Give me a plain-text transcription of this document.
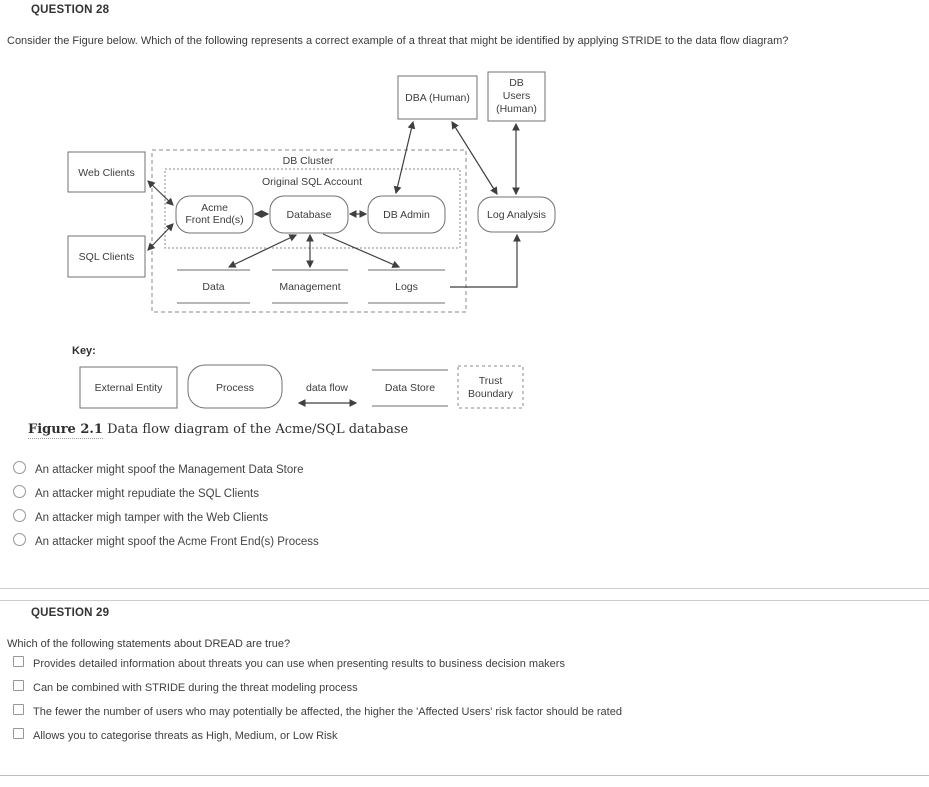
QUESTION 28
Consider the Figure below. Which of the following represents a correct example of a threat that might be identified by applying STRIDE to the data flow diagram?
DB Cluster
Original SQL Account
Web Clients
SQL Clients
DBA (Human)
DB
Users
(Human)
Acme
Front End(s)	Database	DB Admin	Log Analysis
Data	Management	Logs
Key:
External Entity	Process	data flow	Data Store
Trust
Boundary
Figure 2.1 Data flow diagram of the Acme/SQL database
An attacker might spoof the Management Data Store
An attacker might repudiate the SQL Clients
An attacker migh tamper with the Web Clients
An attacker might spoof the Acme Front End(s) Process
QUESTION 29
Which of the following statements about DREAD are true?
Provides detailed information about threats you can use when presenting results to business decision makers
Can be combined with STRIDE during the threat modeling process
The fewer the number of users who may potentially be affected, the higher the 'Affected Users' risk factor should be rated
Allows you to categorise threats as High, Medium, or Low Risk
